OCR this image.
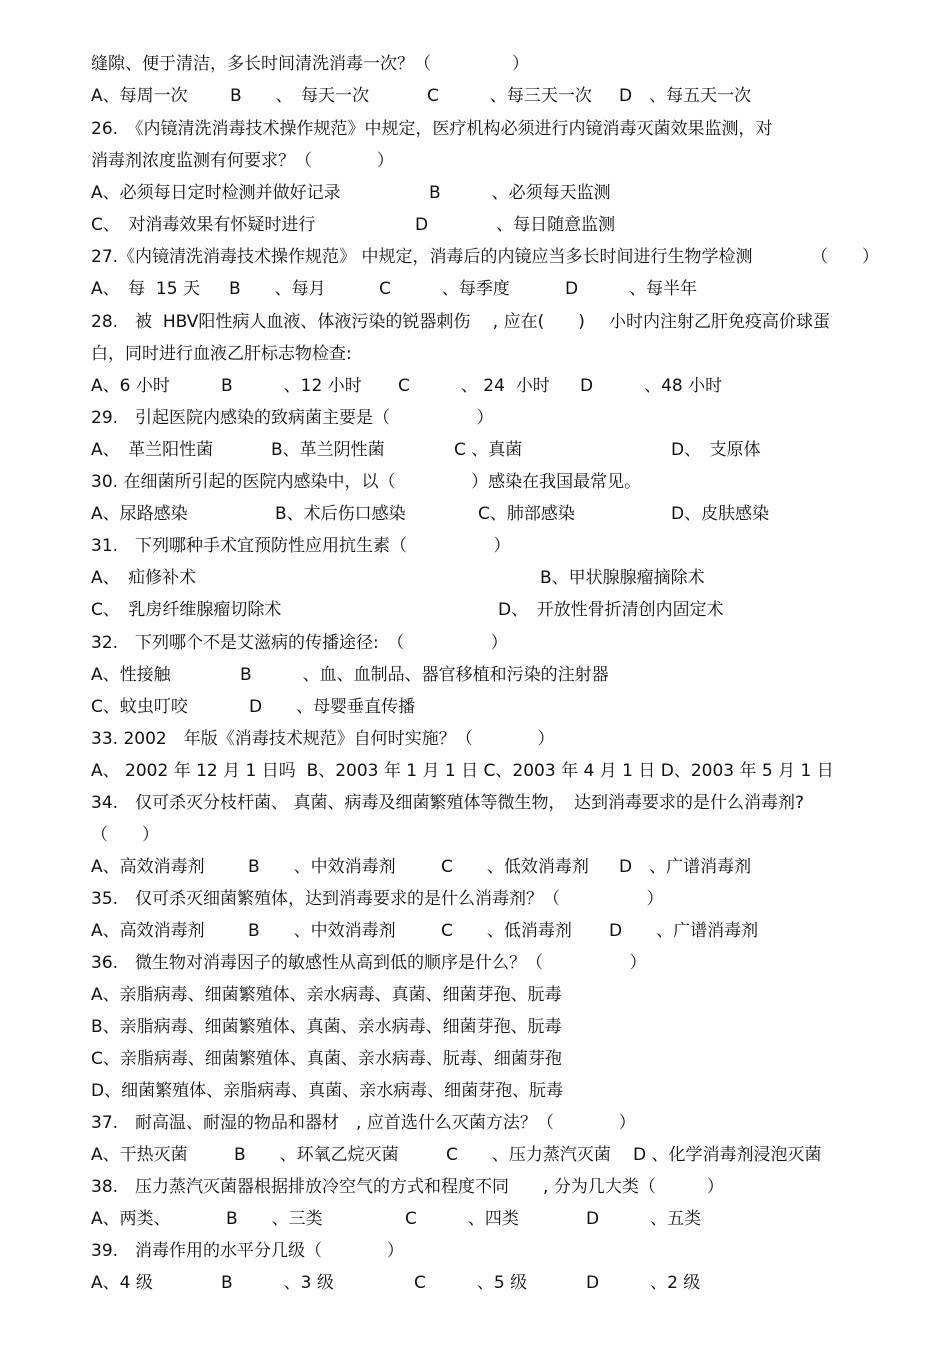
缝隙、便于清洁，多长时间清洗消毒一次？（               ）
A、每周一次 B　　、　每天一次	C　　　、每三天一次 D　、每五天一次
26.　《内镜清洗消毒技术操作规范》中规定，医疗机构必须进行内镜消毒灭菌效果监测，对
消毒剂浓度监测有何要求？（            ）
A、必须每日定时检测并做好记录	B　　　、必须每天监测
C、　对消毒效果有怀疑时进行	D　　　　、每日随意监测
27.《内镜清洗消毒技术操作规范》 中规定，消毒后的内镜应当多长时间进行生物学检测	（　　）
A、　每  15 天 B　　、每月	C　　　、每季度	D　　　、每半年
28.　被  HBV阳性病人血液、体液污染的锐器刺伤　 , 应在(　　) 小时内注射乙肝免疫高价球蛋
白，同时进行血液乙肝标志物检查:
A、6 小时	B　　　、12 小时 C　　　、 24  小时 D　　　、48 小时
29.　引起医院内感染的致病菌主要是（                ）
A、　革兰阳性菌	B、革兰阴性菌	C 、真菌	D、　支原体
30. 在细菌所引起的医院内感染中，以（              ）感染在我国最常见。
A、尿路感染	B、术后伤口感染	C、肺部感染	D、皮肤感染
31.　下列哪种手术宜预防性应用抗生素（                ）
A、　疝修补术	B、甲状腺腺瘤摘除术
C、　乳房纤维腺瘤切除术	D、　开放性骨折清创内固定术
32.　下列哪个不是艾滋病的传播途径:　（                ）
A、性接触	B　　　、血、血制品、器官移植和污染的注射器
C、蚊虫叮咬	D　　、母婴垂直传播
33. 2002　年版《消毒技术规范》自何时实施？（            ）
A、 2002 年 12 月 1 日吗  B、2003 年 1 月 1 日 C、2003 年 4 月 1 日 D、2003 年 5 月 1 日
34.　仅可杀灭分枝杆菌、 真菌、病毒及细菌繁殖体等微生物，　达到消毒要求的是什么消毒剂?
（　　）
A、高效消毒剂	B　　、中效消毒剂	C　　、低效消毒剂 D　、广谱消毒剂
35.　仅可杀灭细菌繁殖体，达到消毒要求的是什么消毒剂？（                ）
A、高效消毒剂	B　　、中效消毒剂	C　　、低消毒剂 D　　、广谱消毒剂
36.　微生物对消毒因子的敏感性从高到低的顺序是什么？（                ）
A、亲脂病毒、细菌繁殖体、亲水病毒、真菌、细菌芽孢、朊毒
B、亲脂病毒、细菌繁殖体、真菌、亲水病毒、细菌芽孢、朊毒
C、亲脂病毒、细菌繁殖体、真菌、亲水病毒、朊毒、细菌芽孢
D、细菌繁殖体、亲脂病毒、真菌、亲水病毒、细菌芽孢、朊毒
37.　耐高温、耐湿的物品和器材　, 应首选什么灭菌方法？（            ）
A、干热灭菌	B　　、环氧乙烷灭菌	C　　、压力蒸汽灭菌 D 、化学消毒剂浸泡灭菌
38.　压力蒸汽灭菌器根据排放冷空气的方式和程度不同　　, 分为几大类（　　　）
A、两类、	B　　、三类	C　　　、四类	D　　　、五类
39.　消毒作用的水平分几级（            ）
A、4 级	B　　　、3 级	C　　　、5 级	D　　　、2 级
